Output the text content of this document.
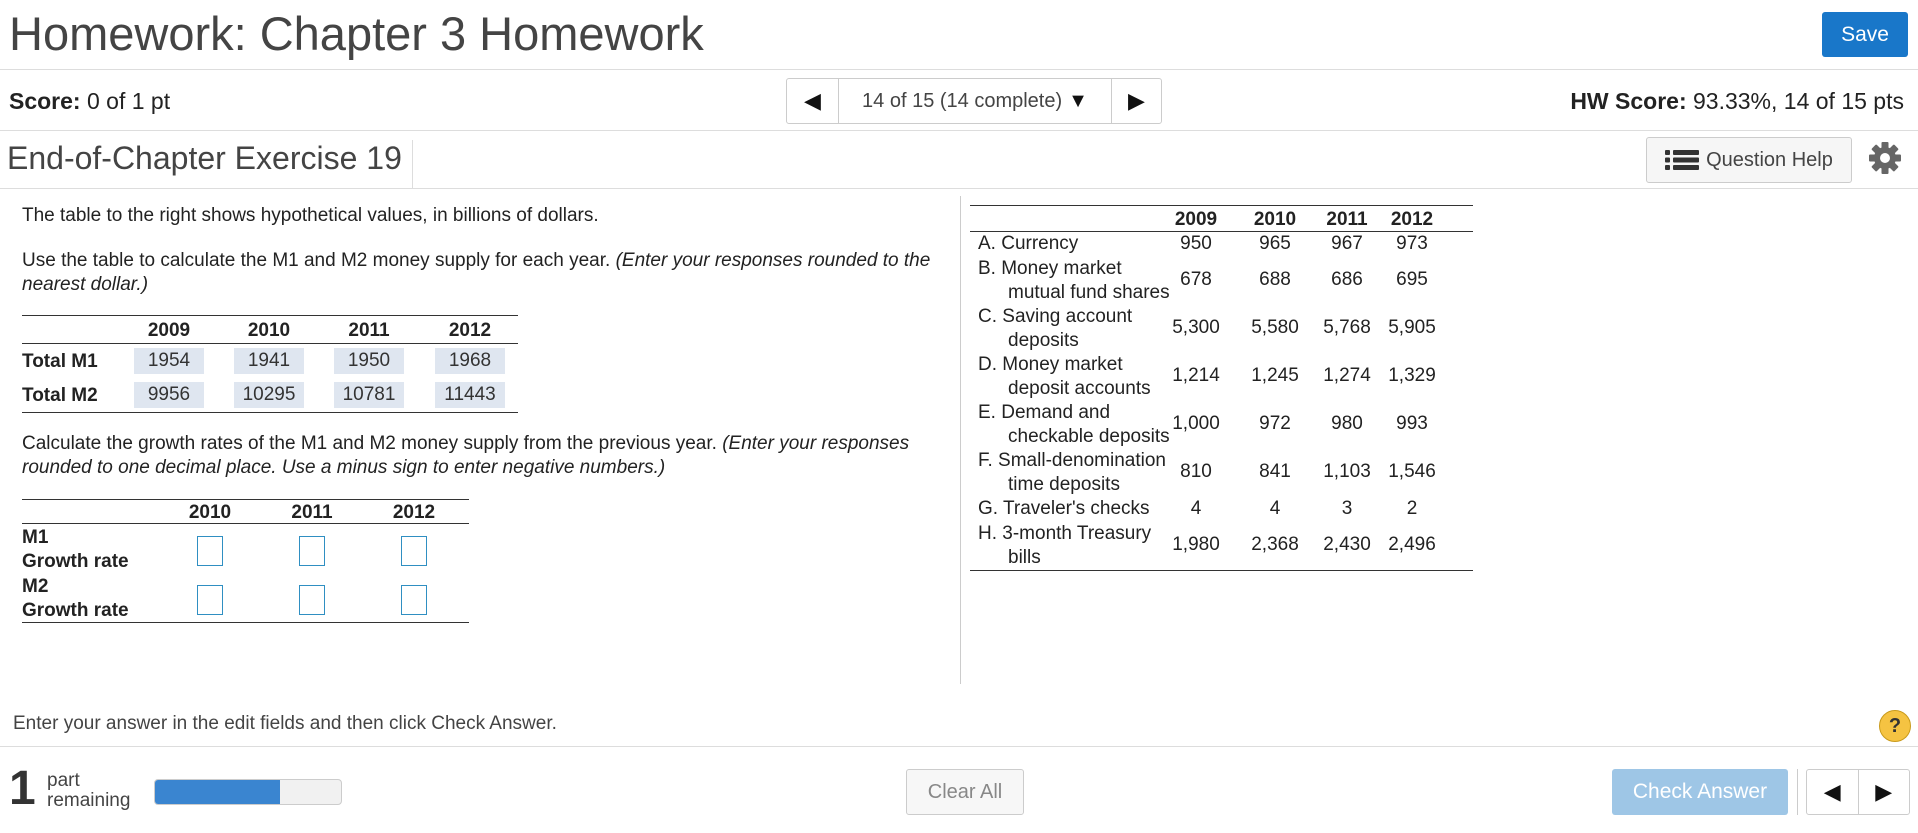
Homework: Chapter 3 Homework	Save
Score: 0 of 1 pt	◀ 14 of 15 (14 complete) ▼ ▶	HW Score: 93.33%, 14 of 15 pts
End-of-Chapter Exercise 19	Question Help
The table to the right shows hypothetical values, in billions of dollars.
Use the table to calculate the M1 and M2 money supply for each year. (Enter your responses rounded to the nearest dollar.)
2009	2010	2011	2012
Total M1	1954	1941	1950	1968
Total M2	9956	10295	10781	11443
Calculate the growth rates of the M1 and M2 money supply from the previous year. (Enter your responses rounded to one decimal place. Use a minus sign to enter negative numbers.)
2010	2011	2012
M1
Growth rate
M2
Growth rate
2009	2010	2011	2012
A. Currency	950	965	967	973
B. Money market
mutual fund shares
678	688	686	695
C. Saving account
deposits
5,300	5,580	5,768 5,905
D. Money market
deposit accounts
1,214	1,245	1,274 1,329
E. Demand and
checkable deposits
1,000	972	980	993
F. Small-denomination
time deposits
810	841	1,103 1,546
G. Traveler's checks	4	4	3	2
H. 3-month Treasury
bills
1,980	2,368	2,430 2,496
Enter your answer in the edit fields and then click Check Answer.	?
1 part
remaining	Clear All	Check Answer	◀ ▶
